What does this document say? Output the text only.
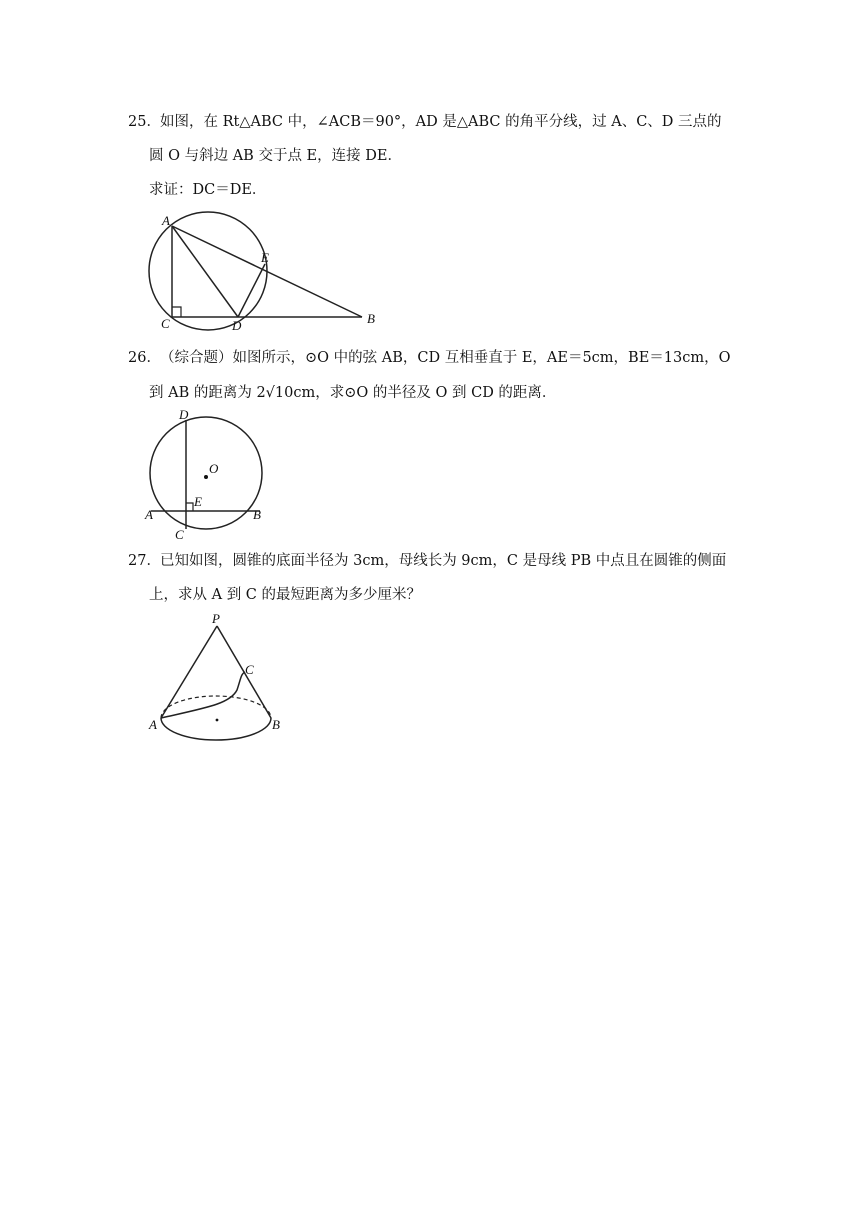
25． 如图，在 Rt△ABC 中，∠ACB＝90°，AD 是△ABC 的角平分线，过 A、C、D 三点的
圆 O 与斜边 AB 交于点 E，连接 DE．
求证：DC＝DE．
A
E
B
C	D
26． （综合题）如图所示，⊙O 中的弦 AB，CD 互相垂直于 E，AE＝5cm，BE＝13cm，O
到 AB 的距离为 2√10cm，求⊙O 的半径及 O 到 CD 的距离．
D
O
E
A	B
C
27． 已知如图，圆锥的底面半径为 3cm，母线长为 9cm，C 是母线 PB 中点且在圆锥的侧面
上，求从 A 到 C 的最短距离为多少厘米？
P
C
A	B
